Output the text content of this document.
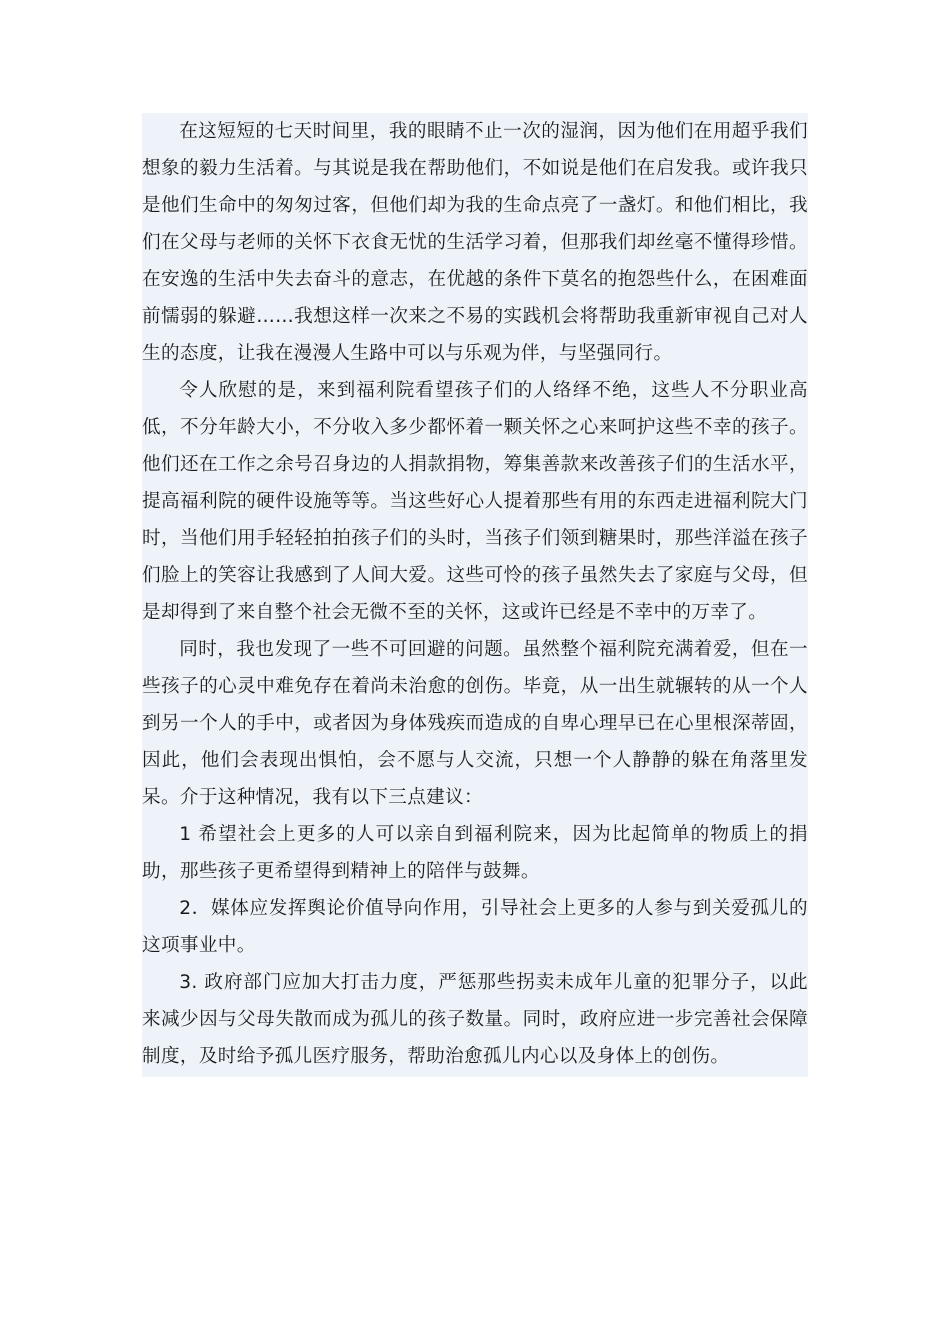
在这短短的七天时间里，我的眼睛不止一次的湿润，因为他们在用超乎我们想象的毅力生活着。与其说是我在帮助他们，不如说是他们在启发我。或许我只是他们生命中的匆匆过客，但他们却为我的生命点亮了一盏灯。和他们相比，我们在父母与老师的关怀下衣食无忧的生活学习着，但那我们却丝毫不懂得珍惜。在安逸的生活中失去奋斗的意志，在优越的条件下莫名的抱怨些什么，在困难面前懦弱的躲避……我想这样一次来之不易的实践机会将帮助我重新审视自己对人生的态度，让我在漫漫人生路中可以与乐观为伴，与坚强同行。

令人欣慰的是，来到福利院看望孩子们的人络绎不绝，这些人不分职业高低，不分年龄大小，不分收入多少都怀着一颗关怀之心来呵护这些不幸的孩子。他们还在工作之余号召身边的人捐款捐物，筹集善款来改善孩子们的生活水平，提高福利院的硬件设施等等。当这些好心人提着那些有用的东西走进福利院大门时，当他们用手轻轻拍拍孩子们的头时，当孩子们领到糖果时，那些洋溢在孩子们脸上的笑容让我感到了人间大爱。这些可怜的孩子虽然失去了家庭与父母，但是却得到了来自整个社会无微不至的关怀，这或许已经是不幸中的万幸了。

同时，我也发现了一些不可回避的问题。虽然整个福利院充满着爱，但在一些孩子的心灵中难免存在着尚未治愈的创伤。毕竟，从一出生就辗转的从一个人到另一个人的手中，或者因为身体残疾而造成的自卑心理早已在心里根深蒂固，因此，他们会表现出惧怕，会不愿与人交流，只想一个人静静的躲在角落里发呆。介于这种情况，我有以下三点建议：

1 希望社会上更多的人可以亲自到福利院来，因为比起简单的物质上的捐助，那些孩子更希望得到精神上的陪伴与鼓舞。

2．媒体应发挥舆论价值导向作用，引导社会上更多的人参与到关爱孤儿的这项事业中。

3. 政府部门应加大打击力度，严惩那些拐卖未成年儿童的犯罪分子，以此来减少因与父母失散而成为孤儿的孩子数量。同时，政府应进一步完善社会保障制度，及时给予孤儿医疗服务，帮助治愈孤儿内心以及身体上的创伤。
